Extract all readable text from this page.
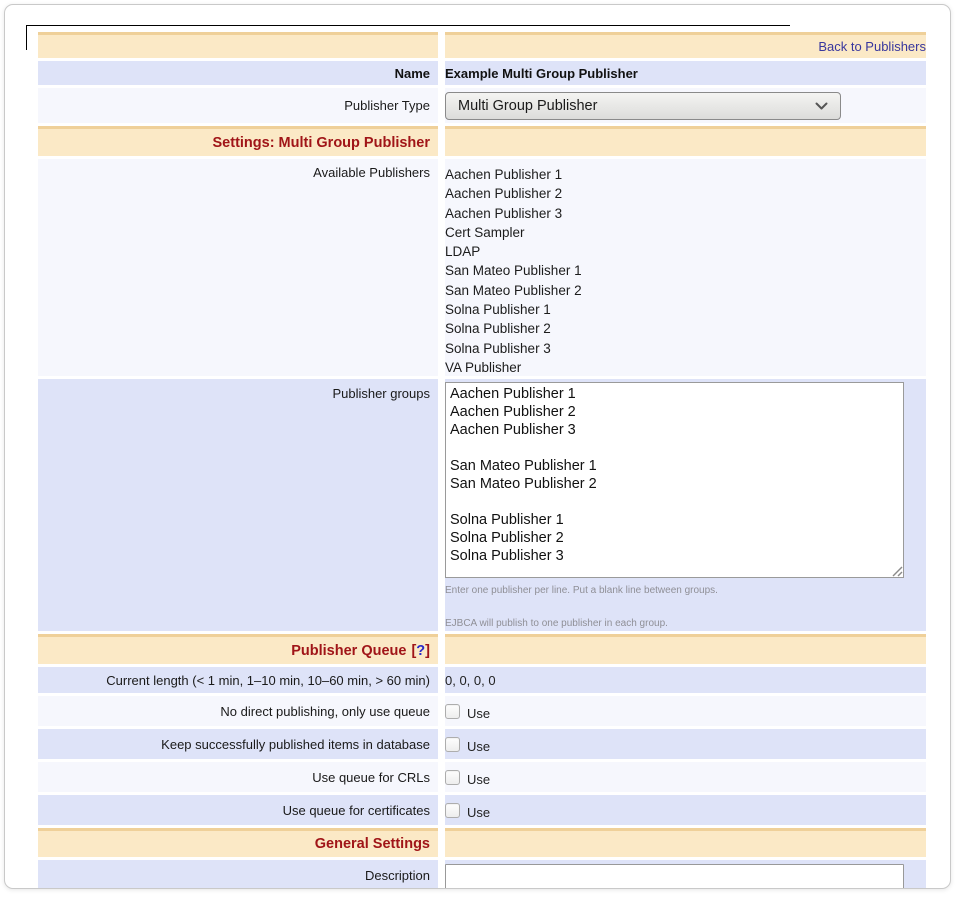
Back to Publishers
Name	Example Multi Group Publisher
Publisher Type	Multi Group Publisher
Settings: Multi Group Publisher
Available Publishers	Aachen Publisher 1
Aachen Publisher 2
Aachen Publisher 3
Cert Sampler
LDAP
San Mateo Publisher 1
San Mateo Publisher 2
Solna Publisher 1
Solna Publisher 2
Solna Publisher 3
VA Publisher
Publisher groups
Aachen Publisher 1 Aachen Publisher 2 Aachen Publisher 3 San Mateo Publisher 1 San Mateo Publisher 2 Solna Publisher 1 Solna Publisher 2 Solna Publisher 3
Enter one publisher per line. Put a blank line between groups.
EJBCA will publish to one publisher in each group.
Publisher Queue [?]
Current length (< 1 min, 1–10 min, 10–60 min, > 60 min)	0, 0, 0, 0
No direct publishing, only use queue	Use
Keep successfully published items in database	Use
Use queue for CRLs	Use
Use queue for certificates	Use
General Settings
Description
